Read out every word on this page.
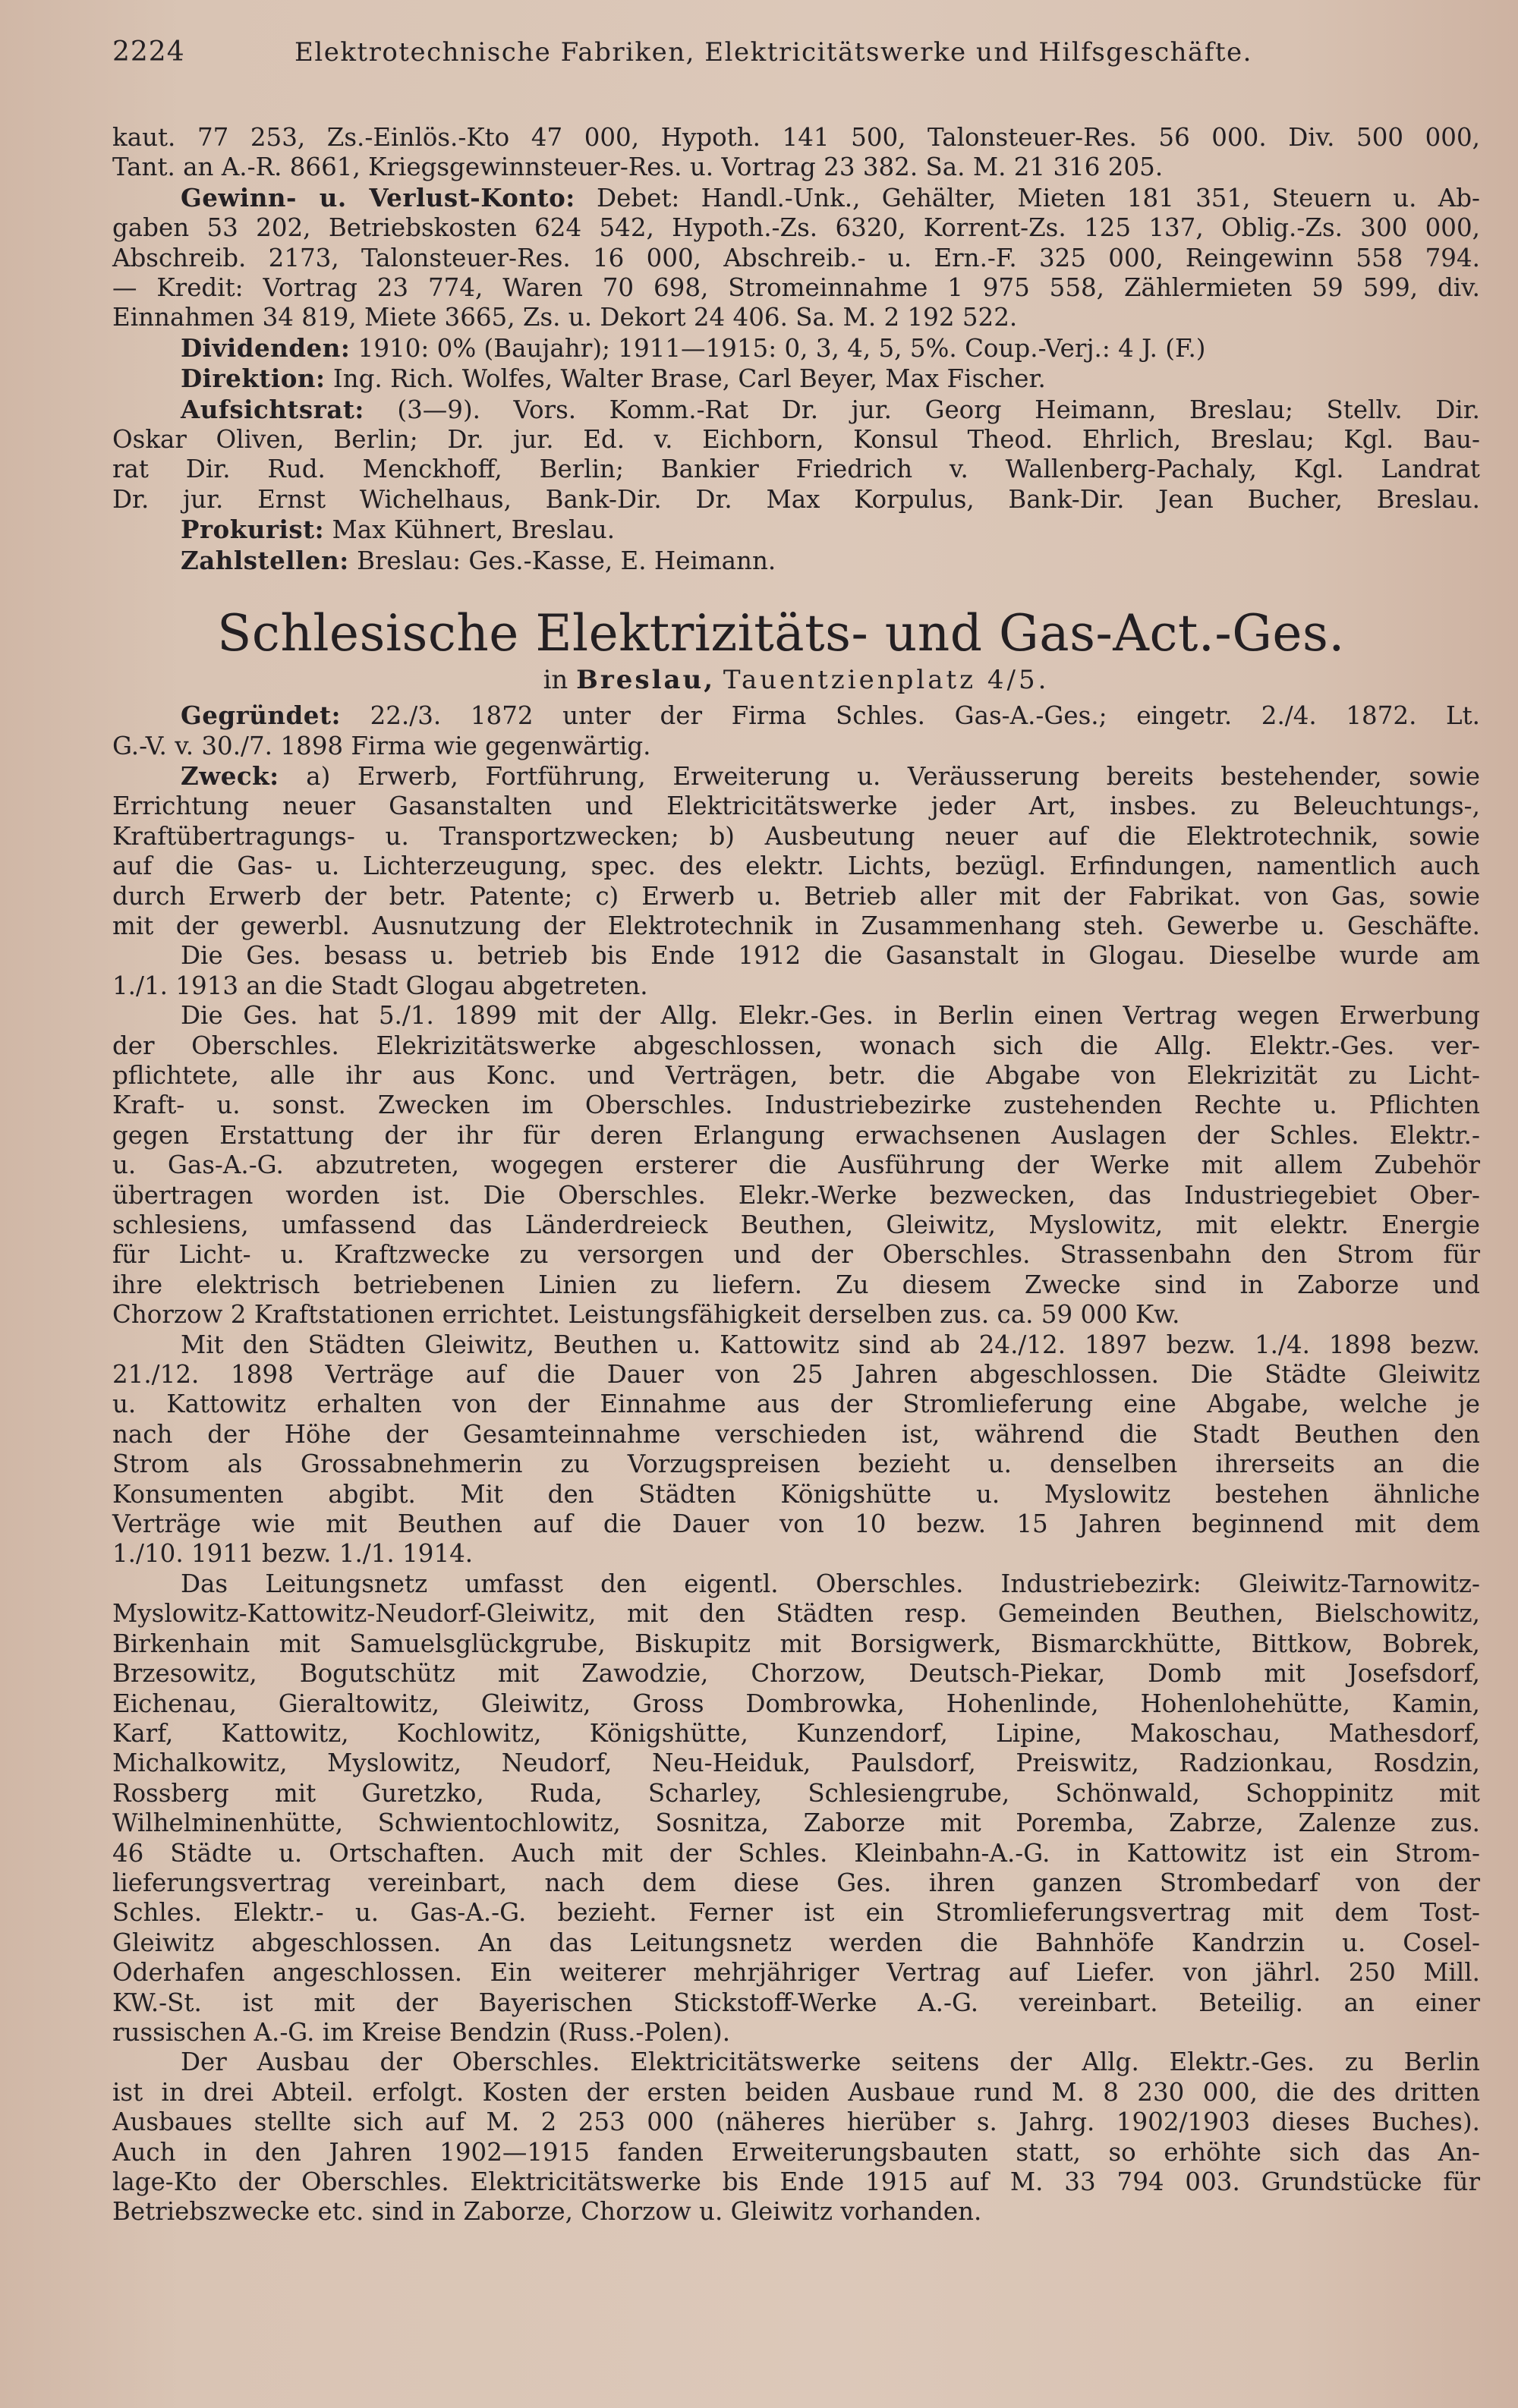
2224	Elektrotechnische Fabriken, Elektricitätswerke und Hilfsgeschäfte.

kaut. 77 253, Zs.-Einlös.-Kto 47 000, Hypoth. 141 500, Talonsteuer-Res. 56 000. Div. 500 000,

Tant. an A.-R. 8661, Kriegsgewinnsteuer-Res. u. Vortrag 23 382. Sa. M. 21 316 205.

Gewinn- u. Verlust-Konto: Debet: Handl.-Unk., Gehälter, Mieten 181 351, Steuern u. Ab-

gaben 53 202, Betriebskosten 624 542, Hypoth.-Zs. 6320, Korrent-Zs. 125 137, Oblig.-Zs. 300 000,

Abschreib. 2173, Talonsteuer-Res. 16 000, Abschreib.- u. Ern.-F. 325 000, Reingewinn 558 794.

— Kredit: Vortrag 23 774, Waren 70 698, Stromeinnahme 1 975 558, Zählermieten 59 599, div.

Einnahmen 34 819, Miete 3665, Zs. u. Dekort 24 406. Sa. M. 2 192 522.

Dividenden: 1910: 0% (Baujahr); 1911—1915: 0, 3, 4, 5, 5%. Coup.-Verj.: 4 J. (F.)

Direktion: Ing. Rich. Wolfes, Walter Brase, Carl Beyer, Max Fischer.

Aufsichtsrat: (3—9). Vors. Komm.-Rat Dr. jur. Georg Heimann, Breslau; Stellv. Dir.

Oskar Oliven, Berlin; Dr. jur. Ed. v. Eichborn, Konsul Theod. Ehrlich, Breslau; Kgl. Bau-

rat Dir. Rud. Menckhoff, Berlin; Bankier Friedrich v. Wallenberg-Pachaly, Kgl. Landrat

Dr. jur. Ernst Wichelhaus, Bank-Dir. Dr. Max Korpulus, Bank-Dir. Jean Bucher, Breslau.

Prokurist: Max Kühnert, Breslau.

Zahlstellen: Breslau: Ges.-Kasse, E. Heimann.

Schlesische Elektrizitäts- und Gas-Act.-Ges.
in Breslau, Tauentzienplatz 4/5.

Gegründet: 22./3. 1872 unter der Firma Schles. Gas-A.-Ges.; eingetr. 2./4. 1872. Lt.

G.-V. v. 30./7. 1898 Firma wie gegenwärtig.

Zweck: a) Erwerb, Fortführung, Erweiterung u. Veräusserung bereits bestehender, sowie

Errichtung neuer Gasanstalten und Elektricitätswerke jeder Art, insbes. zu Beleuchtungs-,

Kraftübertragungs- u. Transportzwecken; b) Ausbeutung neuer auf die Elektrotechnik, sowie

auf die Gas- u. Lichterzeugung, spec. des elektr. Lichts, bezügl. Erfindungen, namentlich auch

durch Erwerb der betr. Patente; c) Erwerb u. Betrieb aller mit der Fabrikat. von Gas, sowie

mit der gewerbl. Ausnutzung der Elektrotechnik in Zusammenhang steh. Gewerbe u. Geschäfte.

Die Ges. besass u. betrieb bis Ende 1912 die Gasanstalt in Glogau. Dieselbe wurde am

1./1. 1913 an die Stadt Glogau abgetreten.

Die Ges. hat 5./1. 1899 mit der Allg. Elekr.-Ges. in Berlin einen Vertrag wegen Erwerbung

der Oberschles. Elekrizitätswerke abgeschlossen, wonach sich die Allg. Elektr.-Ges. ver-

pflichtete, alle ihr aus Konc. und Verträgen, betr. die Abgabe von Elekrizität zu Licht-

Kraft- u. sonst. Zwecken im Oberschles. Industriebezirke zustehenden Rechte u. Pflichten

gegen Erstattung der ihr für deren Erlangung erwachsenen Auslagen der Schles. Elektr.-

u. Gas-A.-G. abzutreten, wogegen ersterer die Ausführung der Werke mit allem Zubehör

übertragen worden ist. Die Oberschles. Elekr.-Werke bezwecken, das Industriegebiet Ober-

schlesiens, umfassend das Länderdreieck Beuthen, Gleiwitz, Myslowitz, mit elektr. Energie

für Licht- u. Kraftzwecke zu versorgen und der Oberschles. Strassenbahn den Strom für

ihre elektrisch betriebenen Linien zu liefern. Zu diesem Zwecke sind in Zaborze und

Chorzow 2 Kraftstationen errichtet. Leistungsfähigkeit derselben zus. ca. 59 000 Kw.

Mit den Städten Gleiwitz, Beuthen u. Kattowitz sind ab 24./12. 1897 bezw. 1./4. 1898 bezw.

21./12. 1898 Verträge auf die Dauer von 25 Jahren abgeschlossen. Die Städte Gleiwitz

u. Kattowitz erhalten von der Einnahme aus der Stromlieferung eine Abgabe, welche je

nach der Höhe der Gesamteinnahme verschieden ist, während die Stadt Beuthen den

Strom als Grossabnehmerin zu Vorzugspreisen bezieht u. denselben ihrerseits an die

Konsumenten abgibt. Mit den Städten Königshütte u. Myslowitz bestehen ähnliche

Verträge wie mit Beuthen auf die Dauer von 10 bezw. 15 Jahren beginnend mit dem

1./10. 1911 bezw. 1./1. 1914.

Das Leitungsnetz umfasst den eigentl. Oberschles. Industriebezirk: Gleiwitz-Tarnowitz-

Myslowitz-Kattowitz-Neudorf-Gleiwitz, mit den Städten resp. Gemeinden Beuthen, Bielschowitz,

Birkenhain mit Samuelsglückgrube, Biskupitz mit Borsigwerk, Bismarckhütte, Bittkow, Bobrek,

Brzesowitz, Bogutschütz mit Zawodzie, Chorzow, Deutsch-Piekar, Domb mit Josefsdorf,

Eichenau, Gieraltowitz, Gleiwitz, Gross Dombrowka, Hohenlinde, Hohenlohehütte, Kamin,

Karf, Kattowitz, Kochlowitz, Königshütte, Kunzendorf, Lipine, Makoschau, Mathesdorf,

Michalkowitz, Myslowitz, Neudorf, Neu-Heiduk, Paulsdorf, Preiswitz, Radzionkau, Rosdzin,

Rossberg mit Guretzko, Ruda, Scharley, Schlesiengrube, Schönwald, Schoppinitz mit

Wilhelminenhütte, Schwientochlowitz, Sosnitza, Zaborze mit Poremba, Zabrze, Zalenze zus.

46 Städte u. Ortschaften. Auch mit der Schles. Kleinbahn-A.-G. in Kattowitz ist ein Strom-

lieferungsvertrag vereinbart, nach dem diese Ges. ihren ganzen Strombedarf von der

Schles. Elektr.- u. Gas-A.-G. bezieht. Ferner ist ein Stromlieferungsvertrag mit dem Tost-

Gleiwitz abgeschlossen. An das Leitungsnetz werden die Bahnhöfe Kandrzin u. Cosel-

Oderhafen angeschlossen. Ein weiterer mehrjähriger Vertrag auf Liefer. von jährl. 250 Mill.

KW.-St. ist mit der Bayerischen Stickstoff-Werke A.-G. vereinbart. Beteilig. an einer

russischen A.-G. im Kreise Bendzin (Russ.-Polen).

Der Ausbau der Oberschles. Elektricitätswerke seitens der Allg. Elektr.-Ges. zu Berlin

ist in drei Abteil. erfolgt. Kosten der ersten beiden Ausbaue rund M. 8 230 000, die des dritten

Ausbaues stellte sich auf M. 2 253 000 (näheres hierüber s. Jahrg. 1902/1903 dieses Buches).

Auch in den Jahren 1902—1915 fanden Erweiterungsbauten statt, so erhöhte sich das An-

lage-Kto der Oberschles. Elektricitätswerke bis Ende 1915 auf M. 33 794 003. Grundstücke für

Betriebszwecke etc. sind in Zaborze, Chorzow u. Gleiwitz vorhanden.
